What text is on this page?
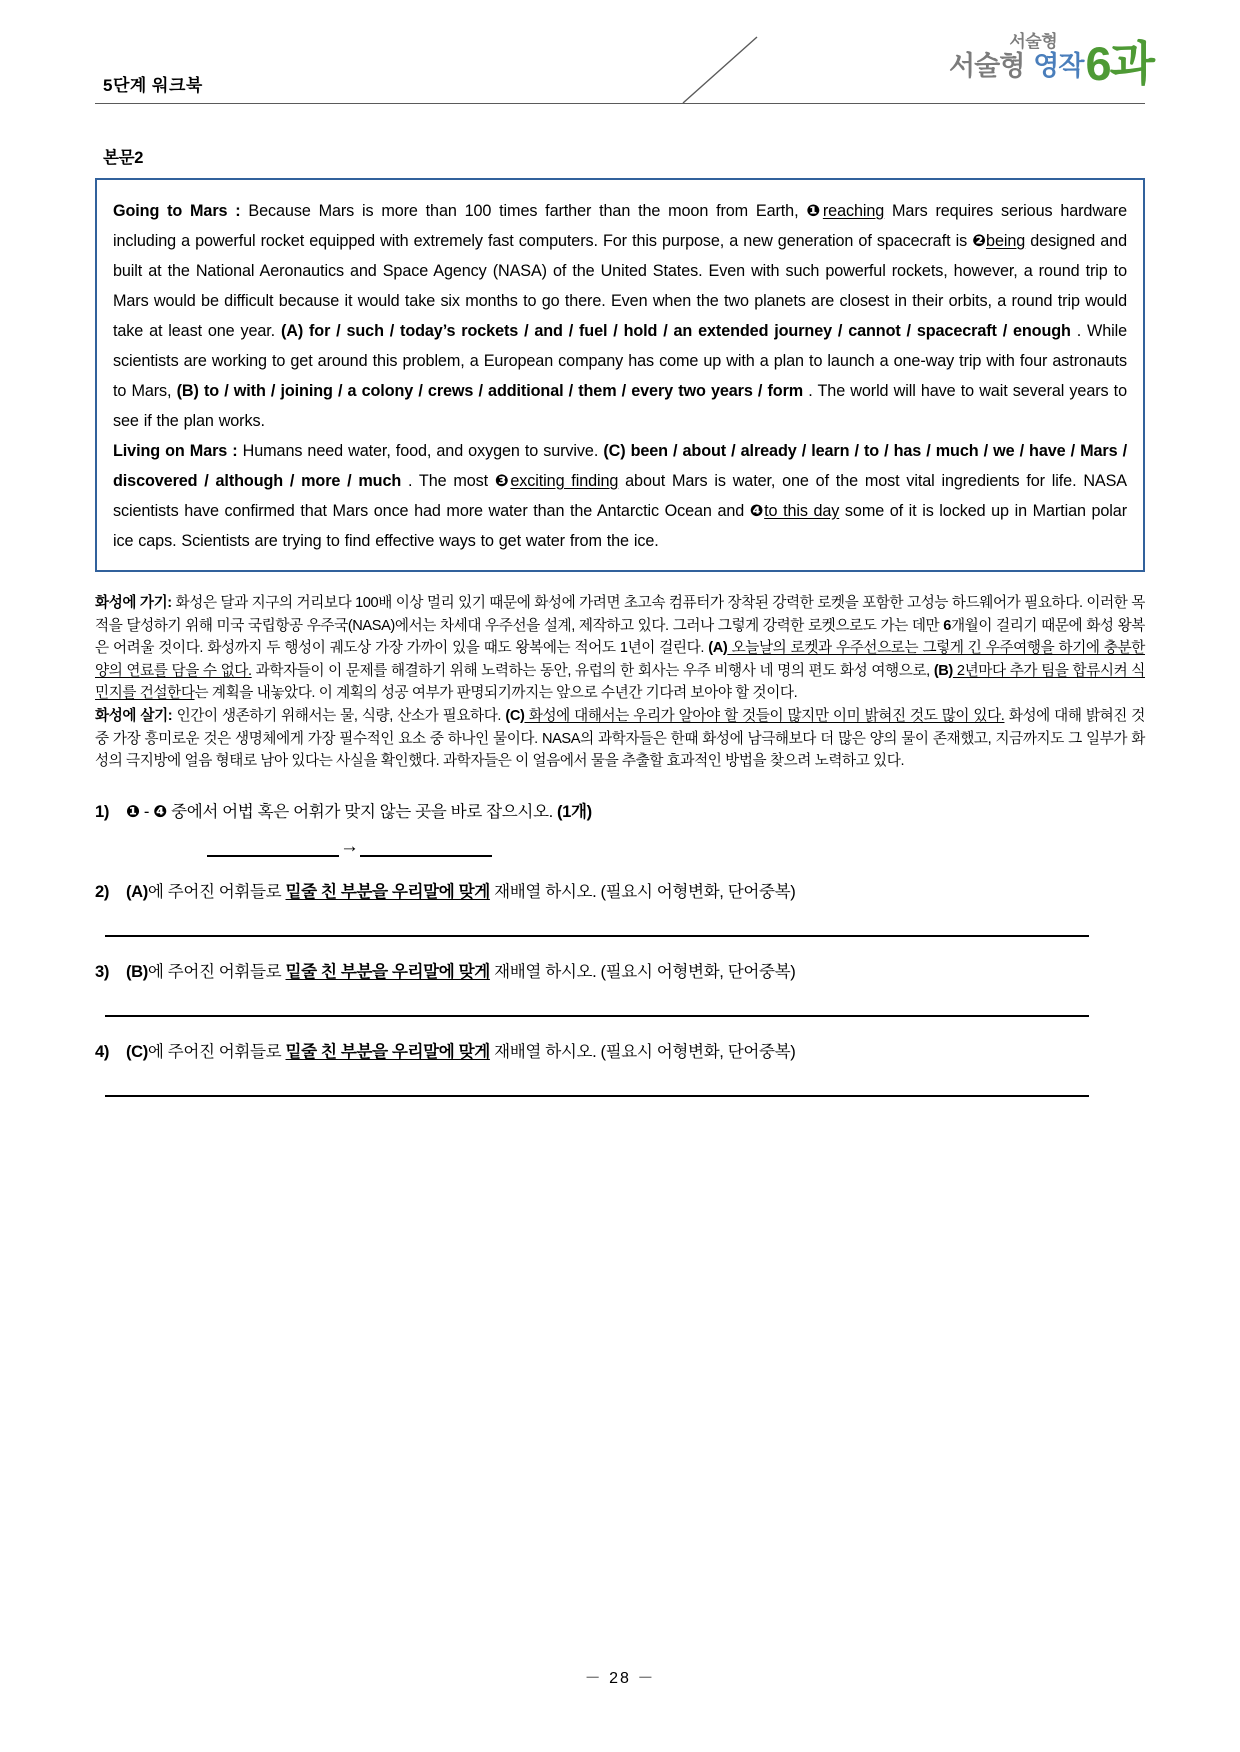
5단계 워크북
서술형
서술형 영작 6과
본문2

Going to Mars : Because Mars is more than 100 times farther than the moon from Earth, ❶reaching Mars requires serious hardware including a powerful rocket equipped with extremely fast computers. For this purpose, a new generation of spacecraft is ❷being designed and built at the National Aeronautics and Space Agency (NASA) of the United States. Even with such powerful rockets, however, a round trip to Mars would be difficult because it would take six months to go there. Even when the two planets are closest in their orbits, a round trip would take at least one year. (A) for / such / today’s rockets / and / fuel / hold / an extended journey / cannot / spacecraft / enough . While scientists are working to get around this problem, a European company has come up with a plan to launch a one-way trip with four astronauts to Mars, (B) to / with / joining / a colony / crews / additional / them / every two years / form . The world will have to wait several years to see if the plan works.

Living on Mars : Humans need water, food, and oxygen to survive. (C) been / about / already / learn / to / has / much / we / have / Mars / discovered / although / more / much . The most ❸exciting finding about Mars is water, one of the most vital ingredients for life. NASA scientists have confirmed that Mars once had more water than the Antarctic Ocean and ❹to this day some of it is locked up in Martian polar ice caps. Scientists are trying to find effective ways to get water from the ice.

화성에 가기: 화성은 달과 지구의 거리보다 100배 이상 멀리 있기 때문에 화성에 가려면 초고속 컴퓨터가 장착된 강력한 로켓을 포함한 고성능 하드웨어가 필요하다. 이러한 목적을 달성하기 위해 미국 국립항공 우주국(NASA)에서는 차세대 우주선을 설계, 제작하고 있다. 그러나 그렇게 강력한 로켓으로도 가는 데만 6개월이 걸리기 때문에 화성 왕복은 어려울 것이다. 화성까지 두 행성이 궤도상 가장 가까이 있을 때도 왕복에는 적어도 1년이 걸린다. (A) 오늘날의 로켓과 우주선으로는 그렇게 긴 우주여행을 하기에 충분한 양의 연료를 담을 수 없다. 과학자들이 이 문제를 해결하기 위해 노력하는 동안, 유럽의 한 회사는 우주 비행사 네 명의 편도 화성 여행으로, (B) 2년마다 추가 팀을 합류시켜 식민지를 건설한다는 계획을 내놓았다. 이 계획의 성공 여부가 판명되기까지는 앞으로 수년간 기다려 보아야 할 것이다.

화성에 살기: 인간이 생존하기 위해서는 물, 식량, 산소가 필요하다. (C) 화성에 대해서는 우리가 알아야 할 것들이 많지만 이미 밝혀진 것도 많이 있다. 화성에 대해 밝혀진 것 중 가장 흥미로운 것은 생명체에게 가장 필수적인 요소 중 하나인 물이다. NASA의 과학자들은 한때 화성에 남극해보다 더 많은 양의 물이 존재했고, 지금까지도 그 일부가 화성의 극지방에 얼음 형태로 남아 있다는 사실을 확인했다. 과학자들은 이 얼음에서 물을 추출할 효과적인 방법을 찾으려 노력하고 있다.

1)	❶ - ❹ 중에서 어법 혹은 어휘가 맞지 않는 곳을 바로 잡으시오. (1개)
→
2)	(A)에 주어진 어휘들로 밑줄 친 부분을 우리말에 맞게 재배열 하시오. (필요시 어형변화, 단어중복)
3)	(B)에 주어진 어휘들로 밑줄 친 부분을 우리말에 맞게 재배열 하시오. (필요시 어형변화, 단어중복)
4)	(C)에 주어진 어휘들로 밑줄 친 부분을 우리말에 맞게 재배열 하시오. (필요시 어형변화, 단어중복)
－ 28 －
